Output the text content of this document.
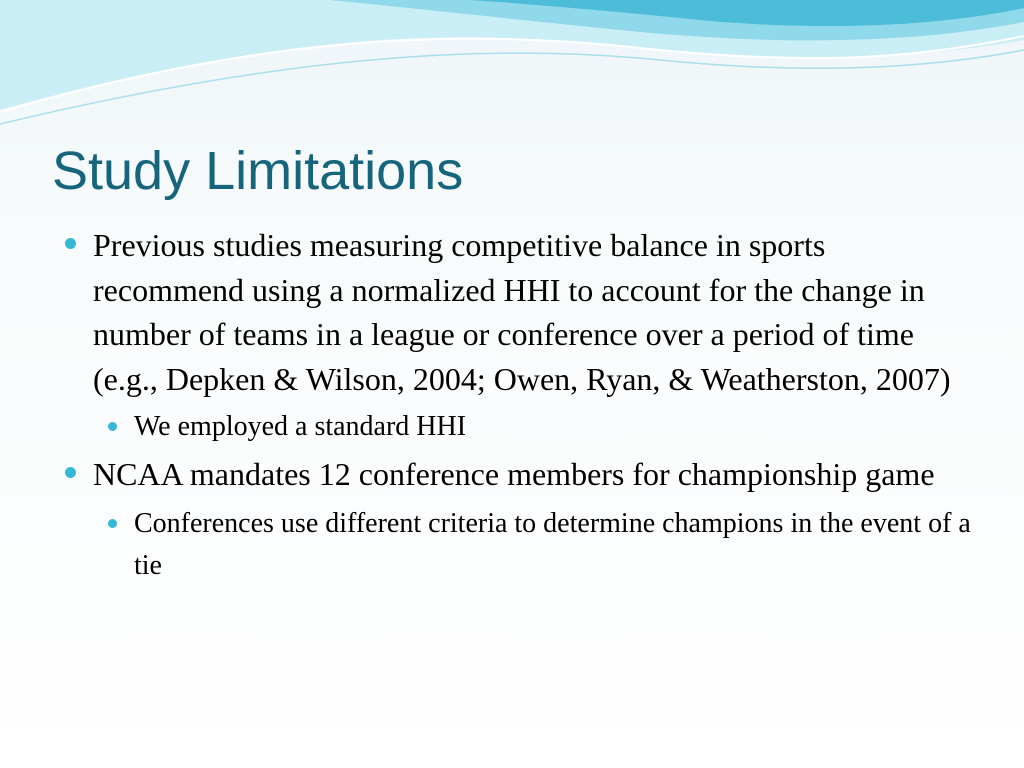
Study Limitations

Previous studies measuring competitive balance in sports recommend using a normalized HHI to account for the change in number of teams in a league or conference over a period of time (e.g., Depken & Wilson, 2004; Owen, Ryan, & Weatherston, 2007)

We employed a standard HHI

NCAA mandates 12 conference members for championship game

Conferences use different criteria to determine champions in the event of a tie
